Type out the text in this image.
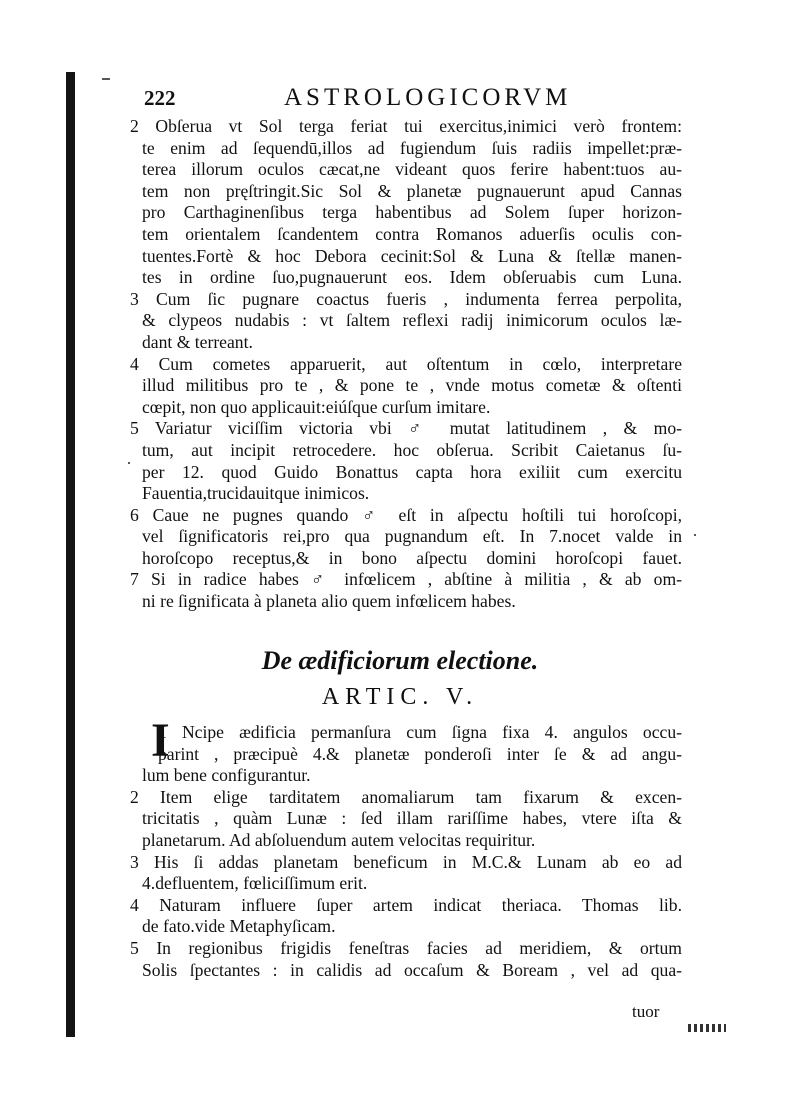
222	ASTROLOGICORVM
2 Obſerua vt Sol terga feriat tui exercitus,inimici verò frontem:
te enim ad ſequendū,illos ad fugiendum ſuis radiis impellet:præ-
terea illorum oculos cæcat,ne videant quos ferire habent:tuos au-
tem non pręſtringit.Sic Sol & planetæ pugnauerunt apud Cannas
pro Carthaginenſibus terga habentibus ad Solem ſuper horizon-
tem orientalem ſcandentem contra Romanos aduerſis oculis con-
tuentes.Fortè & hoc Debora cecinit:Sol & Luna & ſtellæ manen-
tes in ordine ſuo,pugnauerunt eos. Idem obſeruabis cum Luna.
3 Cum ſic pugnare coactus fueris , indumenta ferrea perpolita,
& clypeos nudabis : vt ſaltem reflexi radij inimicorum oculos læ-
dant & terreant.
4 Cum cometes apparuerit, aut oſtentum in cœlo, interpretare
illud militibus pro te , & pone te , vnde motus cometæ & oſtenti
cœpit, non quo applicauit:eiúſque curſum imitare.
5 Variatur viciſſim victoria vbi ♂ mutat latitudinem , & mo-
tum, aut incipit retrocedere. hoc obſerua. Scribit Caietanus ſu-
per 12. quod Guido Bonattus capta hora exiliit cum exercitu
Fauentia,trucidauitque inimicos.
6 Caue ne pugnes quando ♂ eſt in aſpectu hoſtili tui horoſcopi,
vel ſignificatoris rei,pro qua pugnandum eſt. In 7.nocet valde in
horoſcopo receptus,& in bono aſpectu domini horoſcopi fauet.
7 Si in radice habes ♂ infœlicem , abſtine à militia , & ab om-
ni re ſignificata à planeta alio quem infœlicem habes.
De ædificiorum electione.
ARTIC. V.
I
1 Ncipe ædificia permanſura cum ſigna fixa 4. angulos occu-
parint , præcipuè 4.& planetæ ponderoſi inter ſe & ad angu-
lum bene configurantur.
2 Item elige tarditatem anomaliarum tam fixarum & excen-
tricitatis , quàm Lunæ : ſed illam rariſſime habes, vtere iſta &
planetarum. Ad abſoluendum autem velocitas requiritur.
3 His ſi addas planetam beneficum in M.C.& Lunam ab eo ad
4.defluentem, fœliciſſimum erit.
4 Naturam influere ſuper artem indicat theriaca. Thomas lib.
de fato.vide Metaphyſicam.
5 In regionibus frigidis feneſtras facies ad meridiem, & ortum
Solis ſpectantes : in calidis ad occaſum & Boream , vel ad qua-
tuor
